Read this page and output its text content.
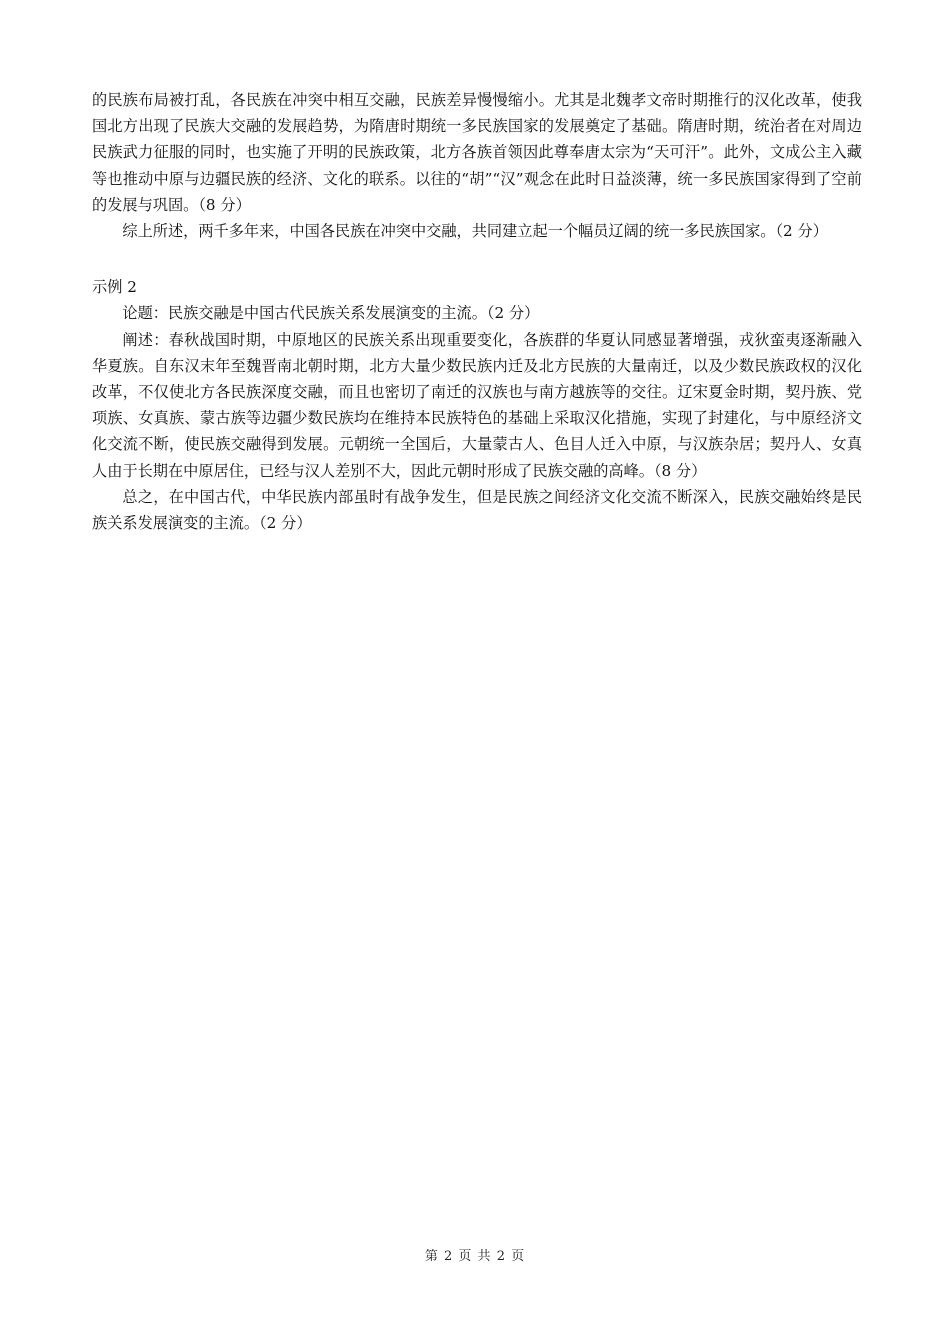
的民族布局被打乱，各民族在冲突中相互交融，民族差异慢慢缩小。尤其是北魏孝文帝时期推行的汉化改革，使我国北方出现了民族大交融的发展趋势，为隋唐时期统一多民族国家的发展奠定了基础。隋唐时期，统治者在对周边民族武力征服的同时，也实施了开明的民族政策，北方各族首领因此尊奉唐太宗为“天可汗”。此外，文成公主入藏等也推动中原与边疆民族的经济、文化的联系。以往的“胡”“汉”观念在此时日益淡薄，统一多民族国家得到了空前的发展与巩固。（8 分）

综上所述，两千多年来，中国各民族在冲突中交融，共同建立起一个幅员辽阔的统一多民族国家。（2 分）

示例 2

论题：民族交融是中国古代民族关系发展演变的主流。（2 分）

阐述：春秋战国时期，中原地区的民族关系出现重要变化，各族群的华夏认同感显著增强，戎狄蛮夷逐渐融入华夏族。自东汉末年至魏晋南北朝时期，北方大量少数民族内迁及北方民族的大量南迁，以及少数民族政权的汉化改革，不仅使北方各民族深度交融，而且也密切了南迁的汉族也与南方越族等的交往。辽宋夏金时期，契丹族、党项族、女真族、蒙古族等边疆少数民族均在维持本民族特色的基础上采取汉化措施，实现了封建化，与中原经济文化交流不断，使民族交融得到发展。元朝统一全国后，大量蒙古人、色目人迁入中原，与汉族杂居；契丹人、女真人由于长期在中原居住，已经与汉人差别不大，因此元朝时形成了民族交融的高峰。（8 分）

总之，在中国古代，中华民族内部虽时有战争发生，但是民族之间经济文化交流不断深入，民族交融始终是民族关系发展演变的主流。（2 分）

第 2 页 共 2 页
